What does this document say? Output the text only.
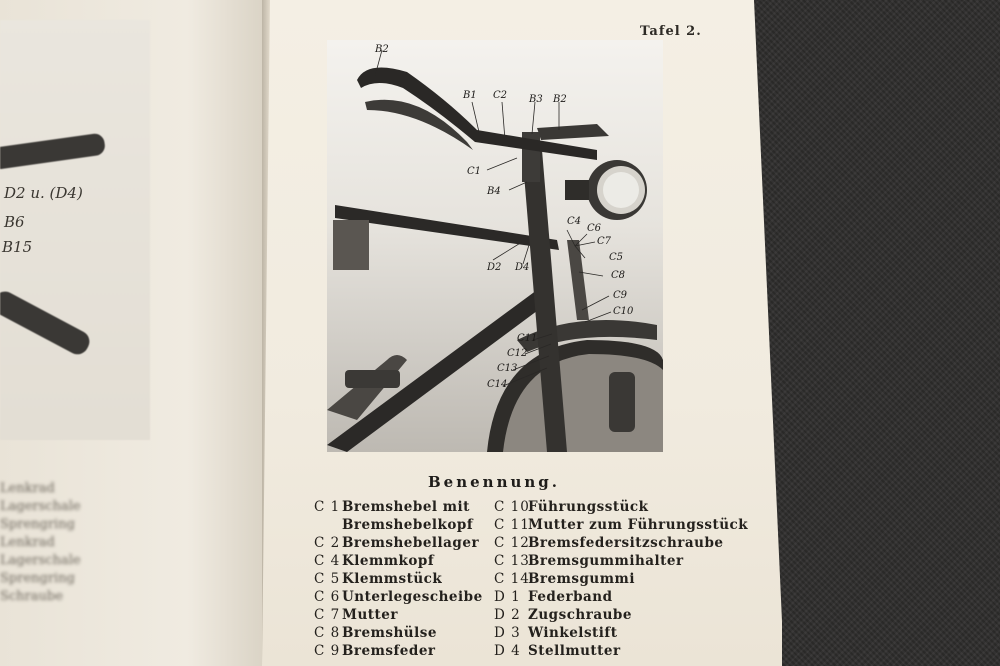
D2 u. (D4)
B6
B15
Lenkrad
Lagerschale
Sprengring
Lenkrad
Lagerschale
Sprengring
Schraube
Tafel 2.
B2
B1 C2 B3 B2
C1
B4
C4
C6
C7
C5
D2 D4
C8
C9
C10
C11
C12
C13
C14
Benennung.
C 1 Bremshebel mit
Bremshebelkopf
C 2 Bremshebellager
C 4 Klemmkopf
C 5 Klemmstück
C 6 Unterlegescheibe
C 7 Mutter
C 8 Bremshülse
C 9 Bremsfeder
C 10Führungsstück
C 11Mutter zum Führungsstück
C 12Bremsfedersitzschraube
C 13Bremsgummihalter
C 14Bremsgummi
D 1 Federband
D 2 Zugschraube
D 3 Winkelstift
D 4 Stellmutter
